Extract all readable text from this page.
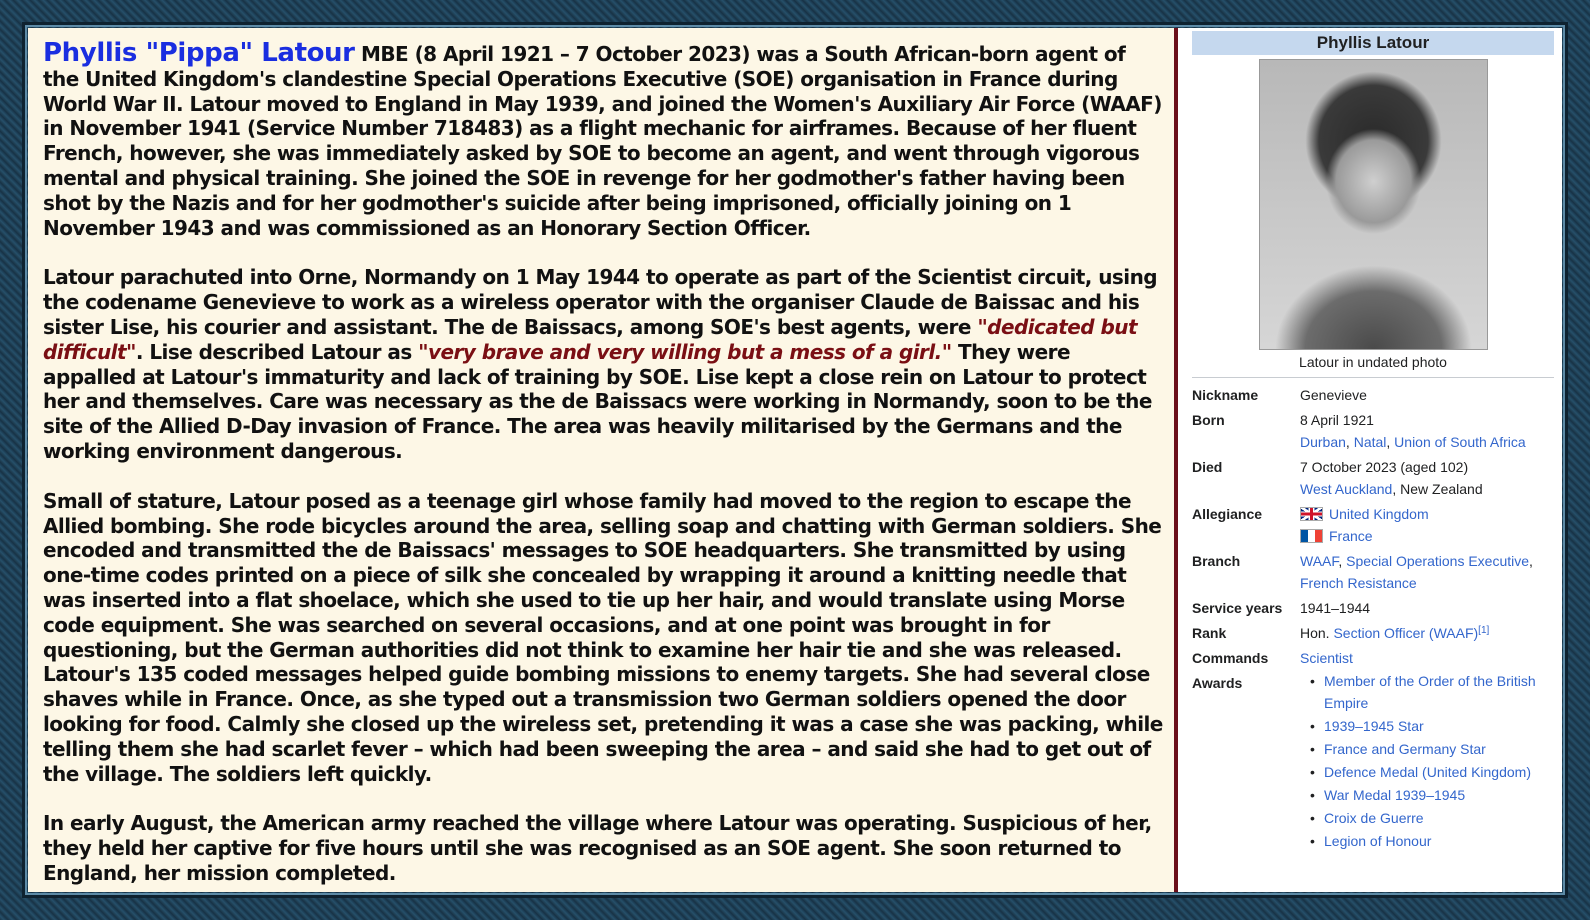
Phyllis "Pippa" Latour MBE (8 April 1921 – 7 October 2023) was a South African-born agent of the United Kingdom's clandestine Special Operations Executive (SOE) organisation in France during World War II. Latour moved to England in May 1939, and joined the Women's Auxiliary Air Force (WAAF) in November 1941 (Service Number 718483) as a flight mechanic for airframes. Because of her fluent French, however, she was immediately asked by SOE to become an agent, and went through vigorous mental and physical training. She joined the SOE in revenge for her godmother's father having been shot by the Nazis and for her godmother's suicide after being imprisoned, officially joining on 1 November 1943 and was commissioned as an Honorary Section Officer.

Latour parachuted into Orne, Normandy on 1 May 1944 to operate as part of the Scientist circuit, using the codename Genevieve to work as a wireless operator with the organiser Claude de Baissac and his sister Lise, his courier and assistant. The de Baissacs, among SOE's best agents, were "dedicated but difficult". Lise described Latour as "very brave and very willing but a mess of a girl." They were appalled at Latour's immaturity and lack of training by SOE. Lise kept a close rein on Latour to protect her and themselves. Care was necessary as the de Baissacs were working in Normandy, soon to be the site of the Allied D-Day invasion of France. The area was heavily militarised by the Germans and the working environment dangerous.

Small of stature, Latour posed as a teenage girl whose family had moved to the region to escape the Allied bombing. She rode bicycles around the area, selling soap and chatting with German soldiers. She encoded and transmitted the de Baissacs' messages to SOE headquarters. She transmitted by using one-time codes printed on a piece of silk she concealed by wrapping it around a knitting needle that was inserted into a flat shoelace, which she used to tie up her hair, and would translate using Morse code equipment. She was searched on several occasions, and at one point was brought in for questioning, but the German authorities did not think to examine her hair tie and she was released. Latour's 135 coded messages helped guide bombing missions to enemy targets. She had several close shaves while in France. Once, as she typed out a transmission two German soldiers opened the door looking for food. Calmly she closed up the wireless set, pretending it was a case she was packing, while telling them she had scarlet fever – which had been sweeping the area – and said she had to get out of the village. The soldiers left quickly.

In early August, the American army reached the village where Latour was operating. Suspicious of her, they held her captive for five hours until she was recognised as an SOE agent. She soon returned to England, her mission completed.

Phyllis Latour
Latour in undated photo
Nickname	Genevieve
Born	8 April 1921
Durban, Natal, Union of South Africa
Died	7 October 2023 (aged 102)
West Auckland, New Zealand
Allegiance	United Kingdom
France
Branch	WAAF, Special Operations Executive,
French Resistance
Service years	1941–1944
Rank	Hon. Section Officer (WAAF)[1]
Commands	Scientist
Awards
•	Member of the Order of the British Empire
• 1939–1945 Star
• France and Germany Star
• Defence Medal (United Kingdom)
• War Medal 1939–1945
• Croix de Guerre
• Legion of Honour
